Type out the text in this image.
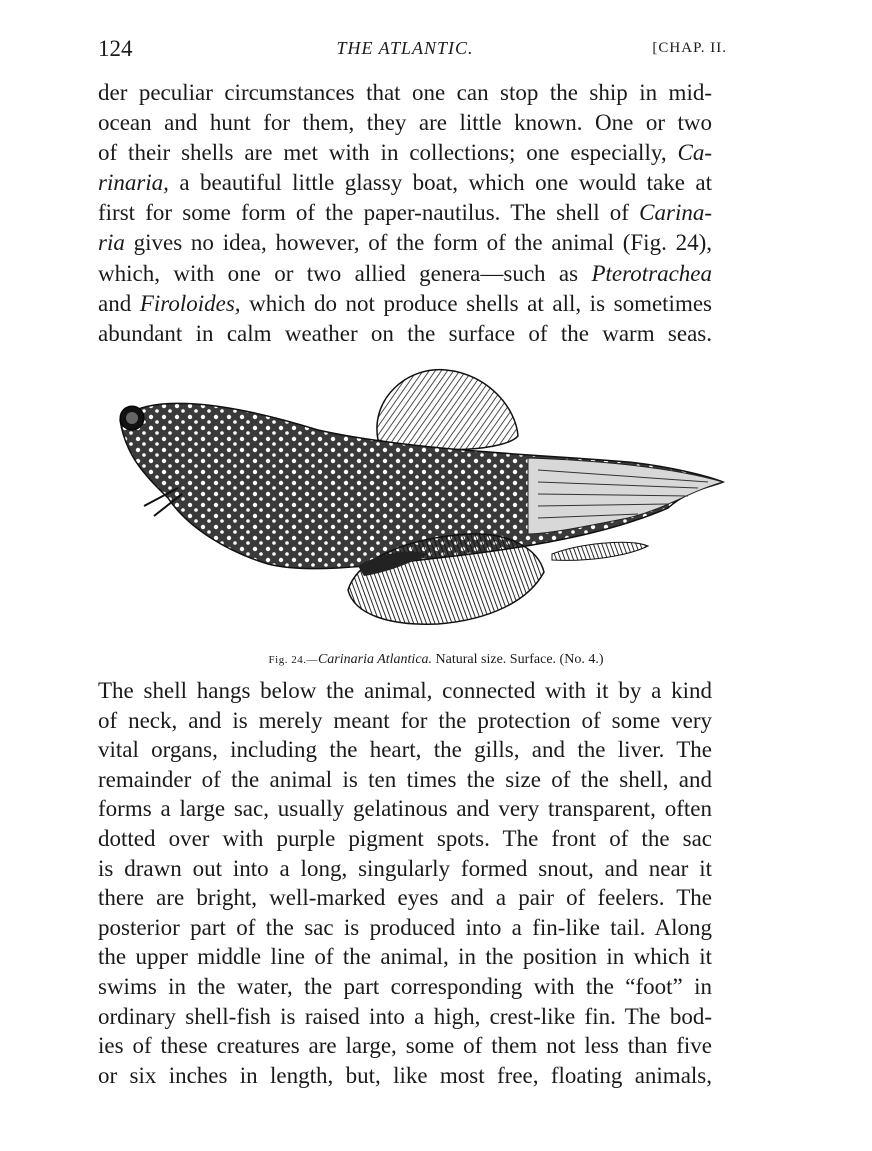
124	THE ATLANTIC.	[CHAP. II.
der peculiar circumstances that one can stop the ship in mid-
ocean and hunt for them, they are little known. One or two
of their shells are met with in collections; one especially, Ca-
rinaria, a beautiful little glassy boat, which one would take at
first for some form of the paper-nautilus. The shell of Carina-
ria gives no idea, however, of the form of the animal (Fig. 24),
which, with one or two allied genera—such as Pterotrachea
and Firoloides, which do not produce shells at all, is sometimes
abundant in calm weather on the surface of the warm seas.
Fig. 24.—Carinaria Atlantica. Natural size. Surface. (No. 4.)
The shell hangs below the animal, connected with it by a kind
of neck, and is merely meant for the protection of some very
vital organs, including the heart, the gills, and the liver. The
remainder of the animal is ten times the size of the shell, and
forms a large sac, usually gelatinous and very transparent, often
dotted over with purple pigment spots. The front of the sac
is drawn out into a long, singularly formed snout, and near it
there are bright, well-marked eyes and a pair of feelers. The
posterior part of the sac is produced into a fin-like tail. Along
the upper middle line of the animal, in the position in which it
swims in the water, the part corresponding with the “foot” in
ordinary shell-fish is raised into a high, crest-like fin. The bod-
ies of these creatures are large, some of them not less than five
or six inches in length, but, like most free, floating animals,
